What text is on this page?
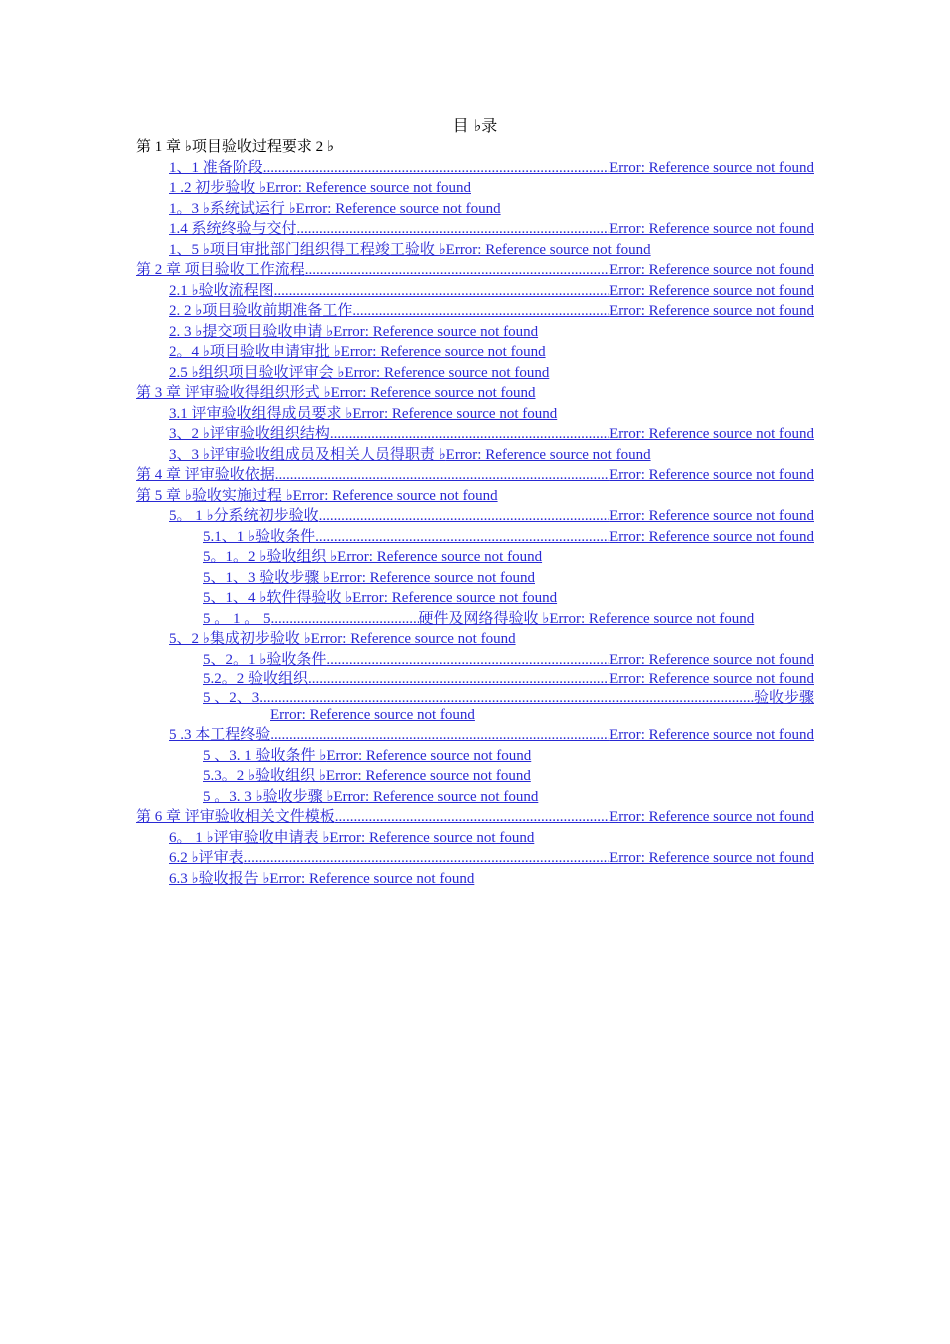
目 ♭录
第 1 章 ♭项目验收过程要求 2 ♭
1、1 准备阶段 .....	Error: Reference source not found
1 .2 初步验收 ♭Error: Reference source not found
1。3 ♭系统试运行 ♭Error: Reference source not found
1.4 系统终验与交付 .....	Error: Reference source not found
1、5 ♭项目审批部门组织得工程竣工验收 ♭Error: Reference source not found
第 2 章 项目验收工作流程 .....	Error: Reference source not found
2.1 ♭验收流程图 .....	Error: Reference source not found
2. 2 ♭项目验收前期准备工作 .....	Error: Reference source not found
2. 3 ♭提交项目验收申请 ♭Error: Reference source not found
2。4 ♭项目验收申请审批 ♭Error: Reference source not found
2.5 ♭组织项目验收评审会 ♭Error: Reference source not found
第 3 章 评审验收得组织形式 ♭Error: Reference source not found
3.1 评审验收组得成员要求 ♭Error: Reference source not found
3、2 ♭评审验收组织结构 .....	Error: Reference source not found
3、3 ♭评审验收组成员及相关人员得职责 ♭Error: Reference source not found
第 4 章 评审验收依据 .....	Error: Reference source not found
第 5 章 ♭验收实施过程 ♭Error: Reference source not found
5。 1 ♭分系统初步验收 .....	Error: Reference source not found
5.1、1 ♭验收条件 .....	Error: Reference source not found
5。1。2 ♭验收组织 ♭Error: Reference source not found
5、1、3 验收步骤 ♭Error: Reference source not found
5、1、4 ♭软件得验收 ♭Error: Reference source not found
5 。 1 。 5 .....	硬件及网络得验收 ♭ Error: Reference source not found
5、2 ♭集成初步验收 ♭Error: Reference source not found
5、2。1 ♭验收条件 .....	Error: Reference source not found
5.2。2 验收组织 .....	Error: Reference source not found
5 、2、3 .....	验收步骤
Error: Reference source not found
5 .3 本工程终验 .....	Error: Reference source not found
5 、3. 1 验收条件 ♭Error: Reference source not found
5.3。2 ♭验收组织 ♭Error: Reference source not found
5 。3. 3 ♭验收步骤 ♭Error: Reference source not found
第 6 章 评审验收相关文件模板 .....	Error: Reference source not found
6。 1 ♭评审验收申请表 ♭Error: Reference source not found
6.2 ♭评审表 .....	Error: Reference source not found
6.3 ♭验收报告 ♭Error: Reference source not found
